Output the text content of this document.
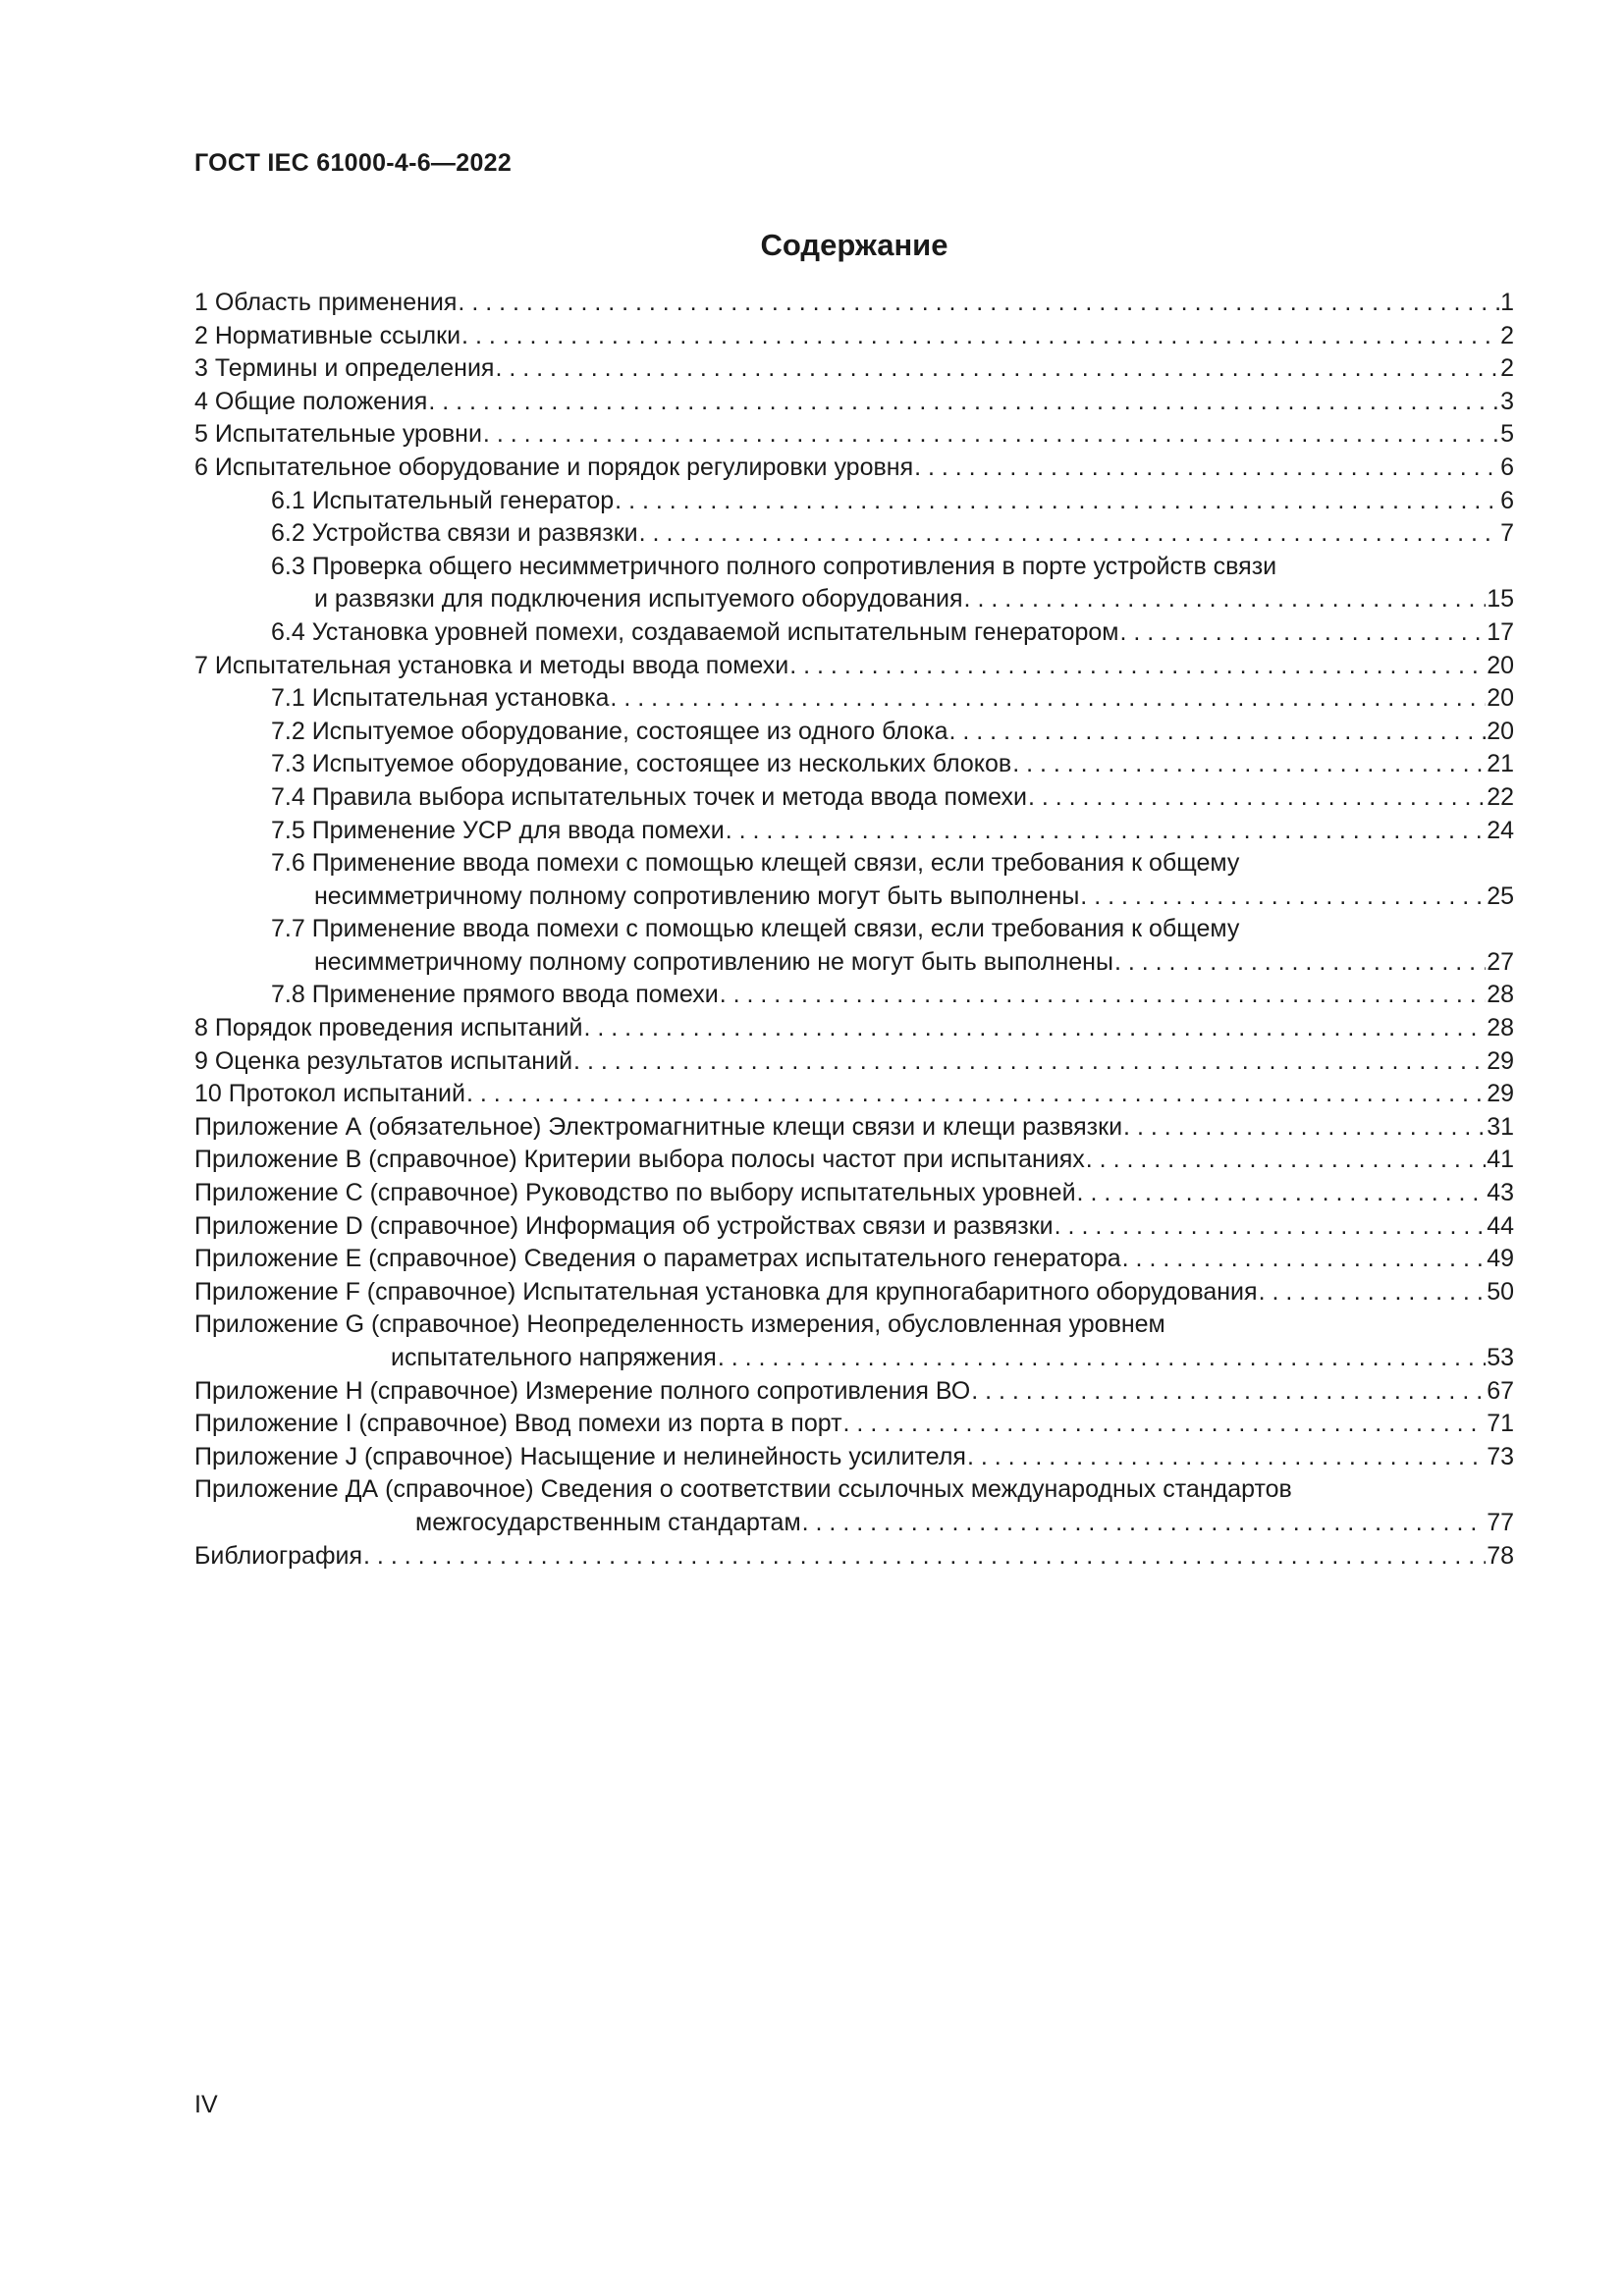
ГОСТ IEC 61000-4-6—2022
Содержание
1 Область применения . . .	1
2 Нормативные ссылки . . .	2
3 Термины и определения . . .	2
4 Общие положения . . .	3
5 Испытательные уровни . . .	5
6 Испытательное оборудование и порядок регулировки уровня . . .	6
6.1 Испытательный генератор . . .	6
6.2 Устройства связи и развязки . . .	7
6.3 Проверка общего несимметричного полного сопротивления в порте устройств связи
и развязки для подключения испытуемого оборудования . . .	15
6.4 Установка уровней помехи, создаваемой испытательным генератором . . .	17
7 Испытательная установка и методы ввода помехи . . .	20
7.1 Испытательная установка . . .	20
7.2 Испытуемое оборудование, состоящее из одного блока . . .	20
7.3 Испытуемое оборудование, состоящее из нескольких блоков . . .	21
7.4 Правила выбора испытательных точек и метода ввода помехи . . .	22
7.5 Применение УСР для ввода помехи . . .	24
7.6 Применение ввода помехи с помощью клещей связи, если требования к общему
несимметричному полному сопротивлению могут быть выполнены . . .	25
7.7 Применение ввода помехи с помощью клещей связи, если требования к общему
несимметричному полному сопротивлению не могут быть выполнены . . .	27
7.8 Применение прямого ввода помехи . . .	28
8 Порядок проведения испытаний . . .	28
9 Оценка результатов испытаний . . .	29
10 Протокол испытаний . . .	29
Приложение А (обязательное) Электромагнитные клещи связи и клещи развязки . . .	31
Приложение В (справочное) Критерии выбора полосы частот при испытаниях . . .	41
Приложение С (справочное) Руководство по выбору испытательных уровней . . .	43
Приложение D (справочное) Информация об устройствах связи и развязки . . .	44
Приложение Е (справочное) Сведения о параметрах испытательного генератора . . .	49
Приложение F (справочное) Испытательная установка для крупногабаритного оборудования . . .	50
Приложение G (справочное) Неопределенность измерения, обусловленная уровнем
испытательного напряжения . . .	53
Приложение Н (справочное) Измерение полного сопротивления ВО . . .	67
Приложение I (справочное) Ввод помехи из порта в порт . . .	71
Приложение J (справочное) Насыщение и нелинейность усилителя . . .	73
Приложение ДА (справочное) Сведения о соответствии ссылочных международных стандартов
межгосударственным стандартам . . .	77
Библиография . . .	78
IV
